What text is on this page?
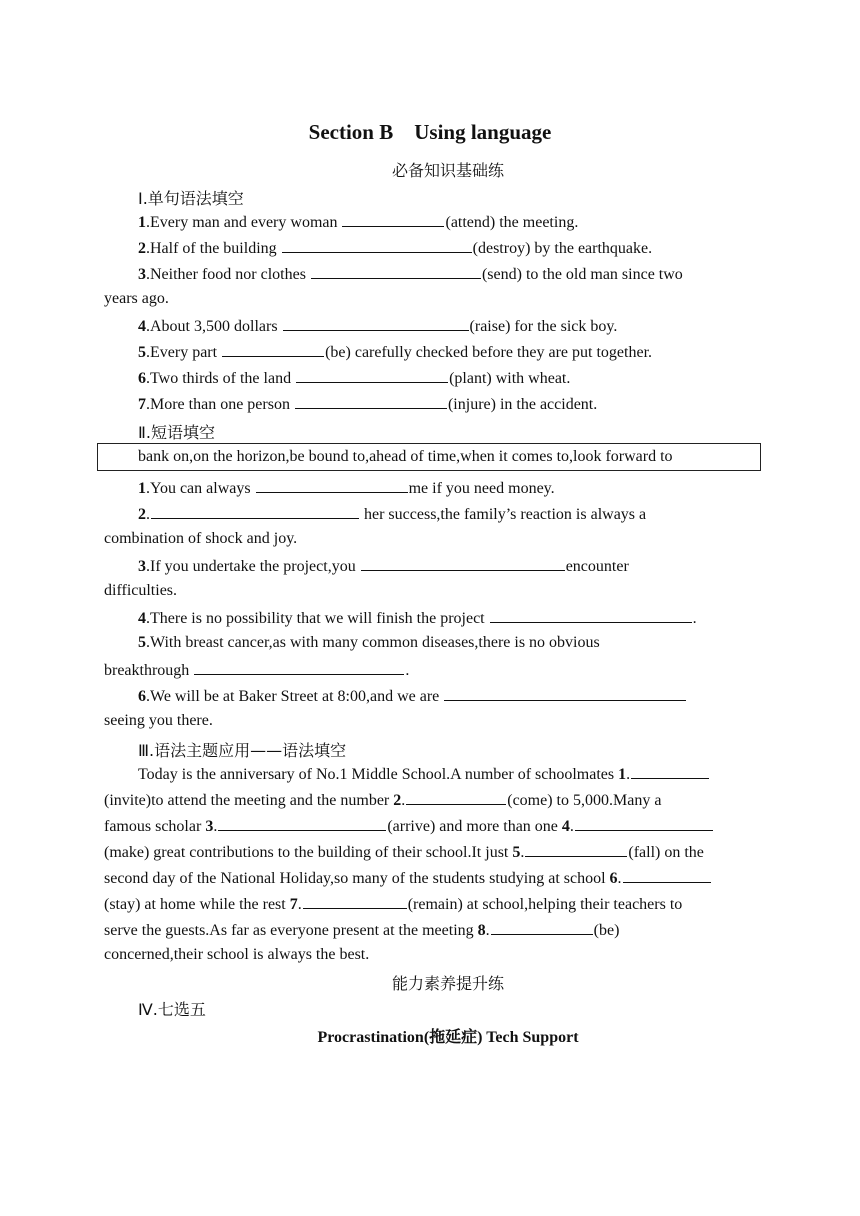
Section B　Using language
必备知识基础练
Ⅰ.单句语法填空
1.Every man and every woman	(attend) the meeting.
2.Half of the building	(destroy) by the earthquake.
3.Neither food nor clothes	(send) to the old man since two
years ago.
4.About 3,500 dollars	(raise) for the sick boy.
5.Every part	(be) carefully checked before they are put together.
6.Two thirds of the land	(plant) with wheat.
7.More than one person	(injure) in the accident.
Ⅱ.短语填空
bank on,on the horizon,be bound to,ahead of time,when it comes to,look forward to
1.You can always	me if you need money.
2.	her success,the family’s reaction is always a
combination of shock and joy.
3.If you undertake the project,you	encounter
difficulties.
4.There is no possibility that we will finish the project	.
5.With breast cancer,as with many common diseases,there is no obvious
breakthrough	.
6.We will be at Baker Street at 8:00,and we are
seeing you there.
Ⅲ.语法主题应用——语法填空
Today is the anniversary of No.1 Middle School.A number of schoolmates 1.
(invite)to attend the meeting and the number 2.	(come) to 5,000.Many a
famous scholar 3.	(arrive) and more than one 4.
(make) great contributions to the building of their school.It just 5.	(fall) on the
second day of the National Holiday,so many of the students studying at school 6.
(stay) at home while the rest 7.	(remain) at school,helping their teachers to
serve the guests.As far as everyone present at the meeting 8.	(be)
concerned,their school is always the best.
能力素养提升练
Ⅳ.七选五
Procrastination(拖延症) Tech Support
